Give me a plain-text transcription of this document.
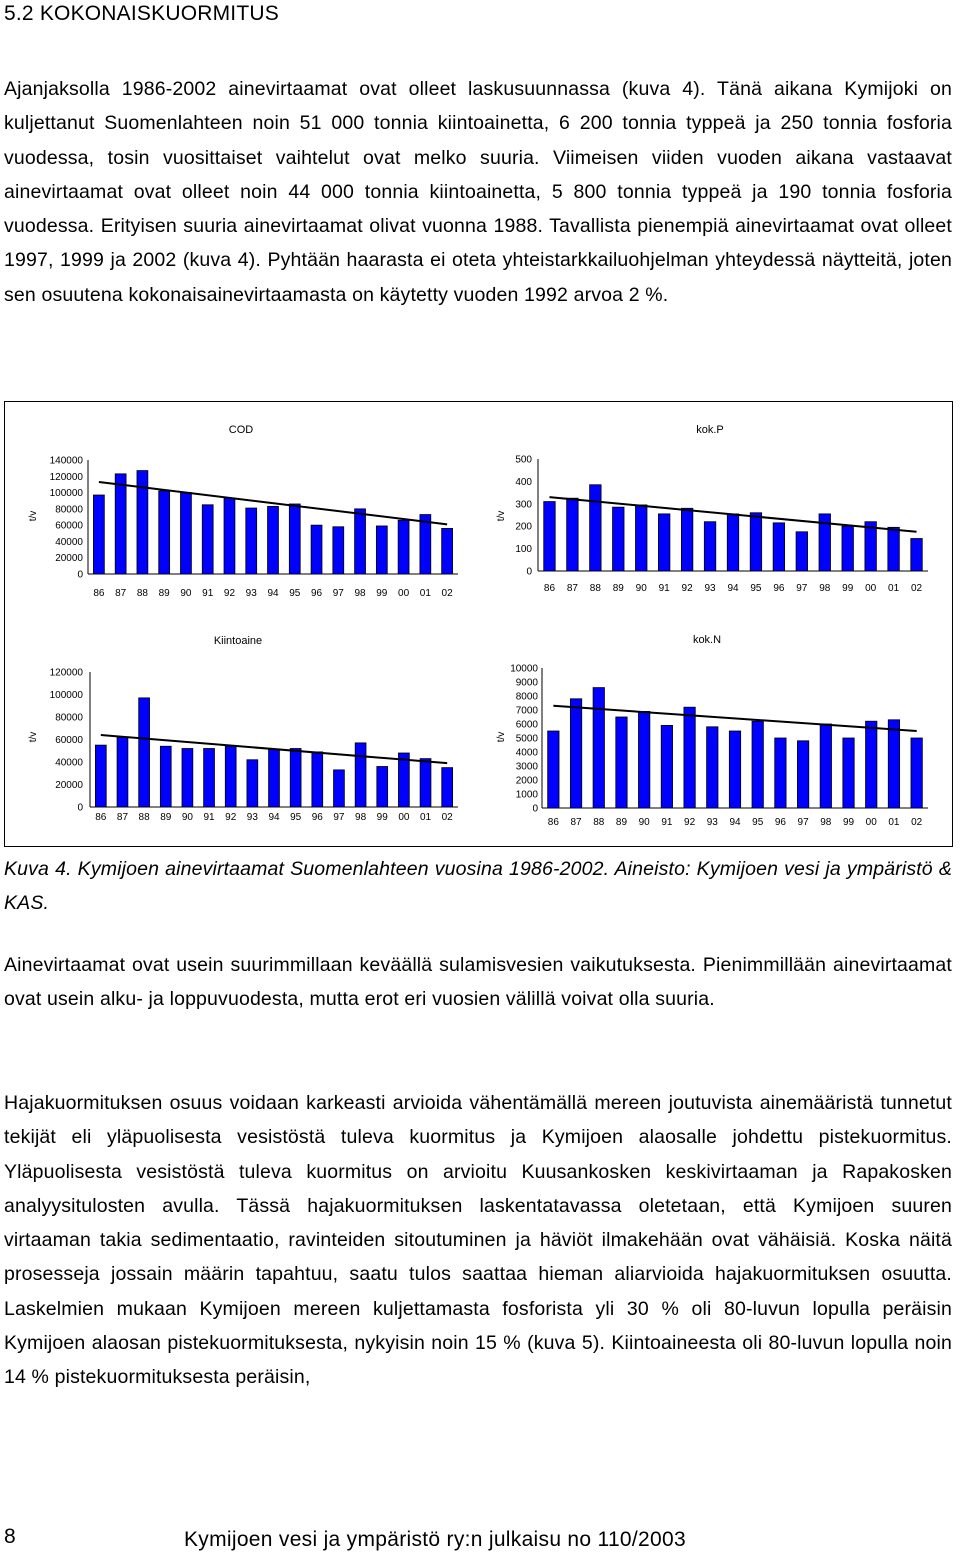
5.2 KOKONAISKUORMITUS
Ajanjaksolla 1986-2002 ainevirtaamat ovat olleet laskusuunnassa (kuva 4). Tänä aikana Kymijoki on kuljettanut Suomenlahteen noin 51 000 tonnia kiintoainetta, 6 200 tonnia typpeä ja 250 tonnia fosforia vuodessa, tosin vuosittaiset vaihtelut ovat melko suuria. Viimeisen viiden vuoden aikana vastaavat ainevirtaamat ovat olleet noin 44 000 tonnia kiintoainetta, 5 800 tonnia typpeä ja 190 tonnia fosforia vuodessa. Erityisen suuria ainevirtaamat olivat vuonna 1988. Tavallista pienempiä ainevirtaamat ovat olleet 1997, 1999 ja 2002 (kuva 4). Pyhtään haarasta ei oteta yhteistarkkailuohjelman yhteydessä näytteitä, joten sen osuutena kokonaisainevirtaamasta on käytetty vuoden 1992 arvoa 2 %.
COD
t/v
140000
120000
100000
80000
60000
40000
20000
0
86 87 88 89 90 91 92 93 94 95 96 97 98 99 00 01 02
kok.P
t/v
500
400
300
200
100
0
86 87 88 89 90 91 92 93 94 95 96 97 98 99 00 01 02
Kiintoaine
t/v
120000
100000
80000
60000
40000
20000
0
86 87 88 89 90 91 92 93 94 95 96 97 98 99 00 01 02
kok.N
t/v
10000
9000
8000
7000
6000
5000
4000
3000
2000
1000
0
86 87 88 89 90 91 92 93 94 95 96 97 98 99 00 01 02
Kuva 4. Kymijoen ainevirtaamat Suomenlahteen vuosina 1986-2002. Aineisto: Kymijoen vesi ja ympäristö & KAS.
Ainevirtaamat ovat usein suurimmillaan keväällä sulamisvesien vaikutuksesta. Pienimmillään ainevirtaamat ovat usein alku- ja loppuvuodesta, mutta erot eri vuosien välillä voivat olla suuria.
Hajakuormituksen osuus voidaan karkeasti arvioida vähentämällä mereen joutuvista ainemääristä tunnetut tekijät eli yläpuolisesta vesistöstä tuleva kuormitus ja Kymijoen alaosalle johdettu pistekuormitus. Yläpuolisesta vesistöstä tuleva kuormitus on arvioitu Kuusankosken keskivirtaaman ja Rapakosken analyysitulosten avulla. Tässä hajakuormituksen laskentatavassa oletetaan, että Kymijoen suuren virtaaman takia sedimentaatio, ravinteiden sitoutuminen ja häviöt ilmakehään ovat vähäisiä. Koska näitä prosesseja jossain määrin tapahtuu, saatu tulos saattaa hieman aliarvioida hajakuormituksen osuutta. Laskelmien mukaan Kymijoen mereen kuljettamasta fosforista yli 30 % oli 80-luvun lopulla peräisin Kymijoen alaosan pistekuormituksesta, nykyisin noin 15 % (kuva 5). Kiintoaineesta oli 80-luvun lopulla noin 14 % pistekuormituksesta peräisin,
8	Kymijoen vesi ja ympäristö ry:n julkaisu no 110/2003
